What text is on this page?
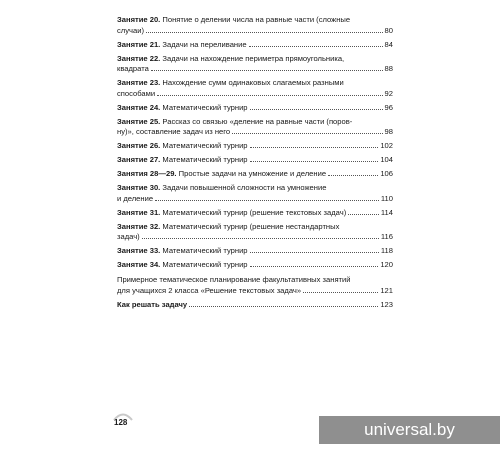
Занятие 20. Понятие о делении числа на равные части (сложные
случаи)	80
Занятие 21. Задачи на переливание	84
Занятие 22. Задачи на нахождение периметра прямоугольника,
квадрата	88
Занятие 23. Нахождение сумм одинаковых слагаемых разными
способами	92
Занятие 24. Математический турнир	96
Занятие 25. Рассказ со связью «деление на равные части (поров-
ну)», составление задач из него	98
Занятие 26. Математический турнир	102
Занятие 27. Математический турнир	104
Занятия 28—29. Простые задачи на умножение и деление	106
Занятие 30. Задачи повышенной сложности на умножение
и деление	110
Занятие 31. Математический турнир (решение текстовых задач)	114
Занятие 32. Математический турнир (решение нестандартных
задач)	116
Занятие 33. Математический турнир	118
Занятие 34. Математический турнир	120
Примерное тематическое планирование факультативных занятий
для учащихся 2 класса «Решение текстовых задач»	121
Как решать задачу	123
128	universal.by
